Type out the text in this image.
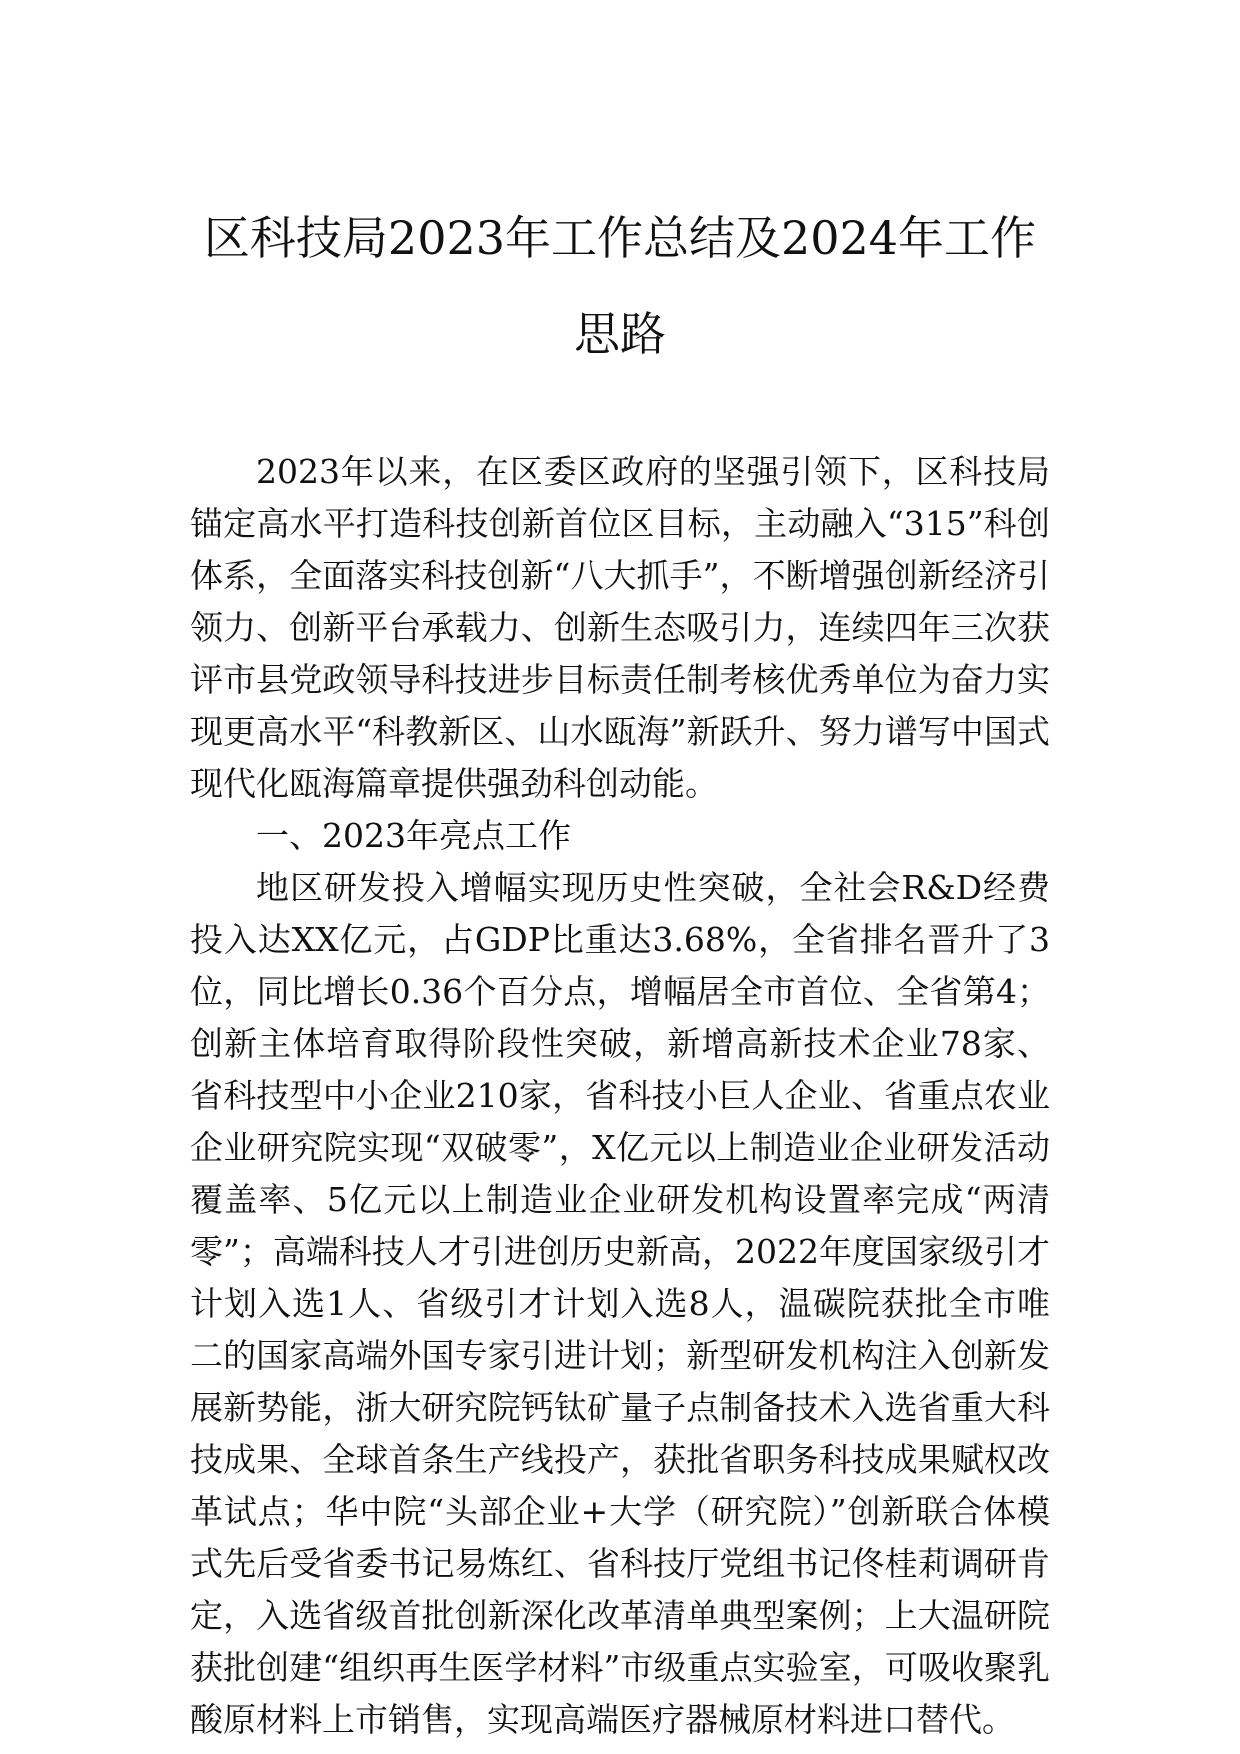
区科技局2023年工作总结及2024年工作思路

2023年以来，在区委区政府的坚强引领下，区科技局锚定高水平打造科技创新首位区目标，主动融入“315”科创体系，全面落实科技创新“八大抓手”，不断增强创新经济引领力、创新平台承载力、创新生态吸引力，连续四年三次获评市县党政领导科技进步目标责任制考核优秀单位为奋力实现更高水平“科教新区、山水瓯海”新跃升、努力谱写中国式现代化瓯海篇章提供强劲科创动能。

一、2023年亮点工作

地区研发投入增幅实现历史性突破，全社会R&D经费投入达XX亿元，占GDP比重达3.68%，全省排名晋升了3位，同比增长0.36个百分点，增幅居全市首位、全省第4；创新主体培育取得阶段性突破，新增高新技术企业78家、省科技型中小企业210家，省科技小巨人企业、省重点农业企业研究院实现“双破零”，X亿元以上制造业企业研发活动覆盖率、5亿元以上制造业企业研发机构设置率完成“两清零”；高端科技人才引进创历史新高，2022年度国家级引才计划入选1人、省级引才计划入选8人，温碳院获批全市唯二的国家高端外国专家引进计划；新型研发机构注入创新发展新势能，浙大研究院钙钛矿量子点制备技术入选省重大科技成果、全球首条生产线投产，获批省职务科技成果赋权改革试点；华中院“头部企业+大学（研究院）”创新联合体模式先后受省委书记易炼红、省科技厅党组书记佟桂莉调研肯定，入选省级首批创新深化改革清单典型案例；上大温研院获批创建“组织再生医学材料”市级重点实验室，可吸收聚乳酸原材料上市销售，实现高端医疗器械原材料进口替代。
